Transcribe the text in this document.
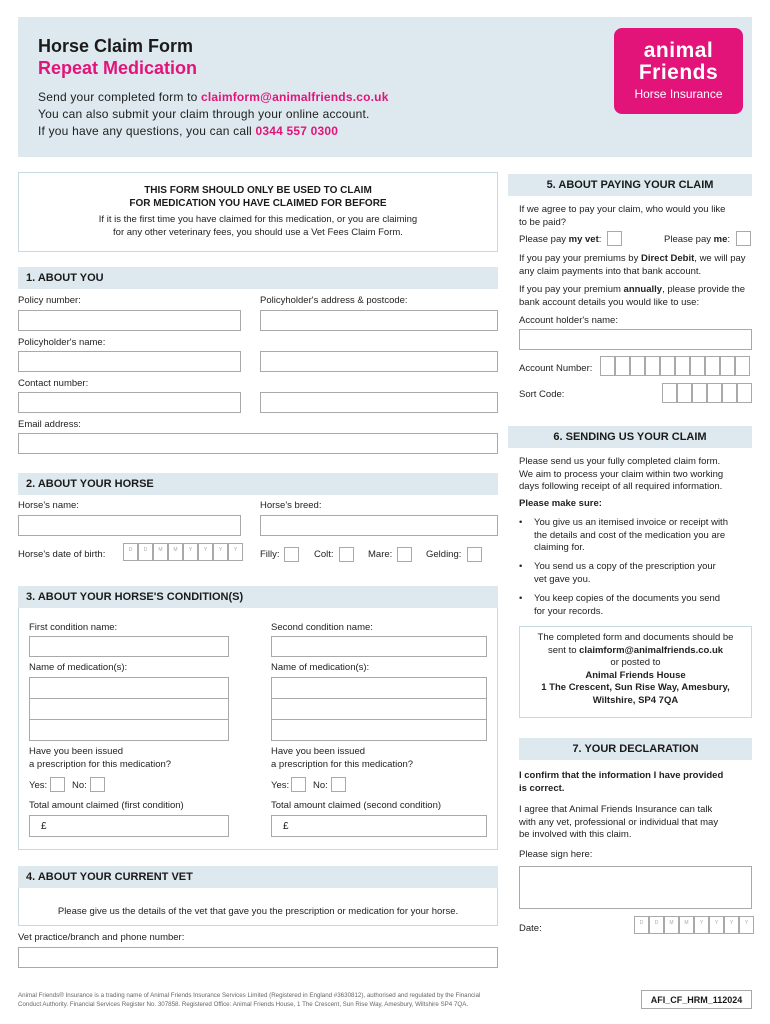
Horse Claim Form
Repeat Medication
Send your completed form to claimform@animalfriends.co.uk
You can also submit your claim through your online account.
If you have any questions, you can call 0344 557 0300
animal
Friends
Horse Insurance
THIS FORM SHOULD ONLY BE USED TO CLAIM
FOR MEDICATION YOU HAVE CLAIMED FOR BEFORE
If it is the first time you have claimed for this medication, or you are claiming
for any other veterinary fees, you should use a Vet Fees Claim Form.
1. ABOUT YOU
Policy number:	Policyholder's address & postcode:
Policyholder's name:
Contact number:
Email address:
2. ABOUT YOUR HORSE
Horse's name:	Horse's breed:
Horse's date of birth:	D	D	M	M	Y	Y	Y	Y	Filly:	Colt:	Mare:	Gelding:
3. ABOUT YOUR HORSE'S CONDITION(S)
First condition name:	Second condition name:
Name of medication(s):	Name of medication(s):
Have you been issued
a prescription for this medication?
Have you been issued
a prescription for this medication?
Yes:	No:	Yes:	No:
Total amount claimed (first condition)	Total amount claimed (second condition)
£	£
4. ABOUT YOUR CURRENT VET
Please give us the details of the vet that gave you the prescription or medication for your horse.
Vet practice/branch and phone number:
5. ABOUT PAYING YOUR CLAIM
If we agree to pay your claim, who would you like
to be paid?
Please pay my vet:	Please pay me:
If you pay your premiums by Direct Debit, we will pay
any claim payments into that bank account.
If you pay your premium annually, please provide the
bank account details you would like to use:
Account holder's name:
Account Number:
Sort Code:
6. SENDING US YOUR CLAIM
Please send us your fully completed claim form.
We aim to process your claim within two working
days following receipt of all required information.
Please make sure:
•	You give us an itemised invoice or receipt with
the details and cost of the medication you are
claiming for.
•	You send us a copy of the prescription your
vet gave you.
•	You keep copies of the documents you send
for your records.
The completed form and documents should be
sent to claimform@animalfriends.co.uk
or posted to
Animal Friends House
1 The Crescent, Sun Rise Way, Amesbury,
Wiltshire, SP4 7QA
7. YOUR DECLARATION
I confirm that the information I have provided
is correct.
I agree that Animal Friends Insurance can talk
with any vet, professional or individual that may
be involved with this claim.
Please sign here:
Date:	D	D	M	M	Y	Y	Y	Y
Animal Friends® Insurance is a trading name of Animal Friends Insurance Services Limited (Registered in England #3630812), authorised and regulated by the Financial
Conduct Authority. Financial Services Register No. 307858. Registered Office: Animal Friends House, 1 The Crescent, Sun Rise Way, Amesbury, Wiltshire SP4 7QA.	AFI_CF_HRM_112024
